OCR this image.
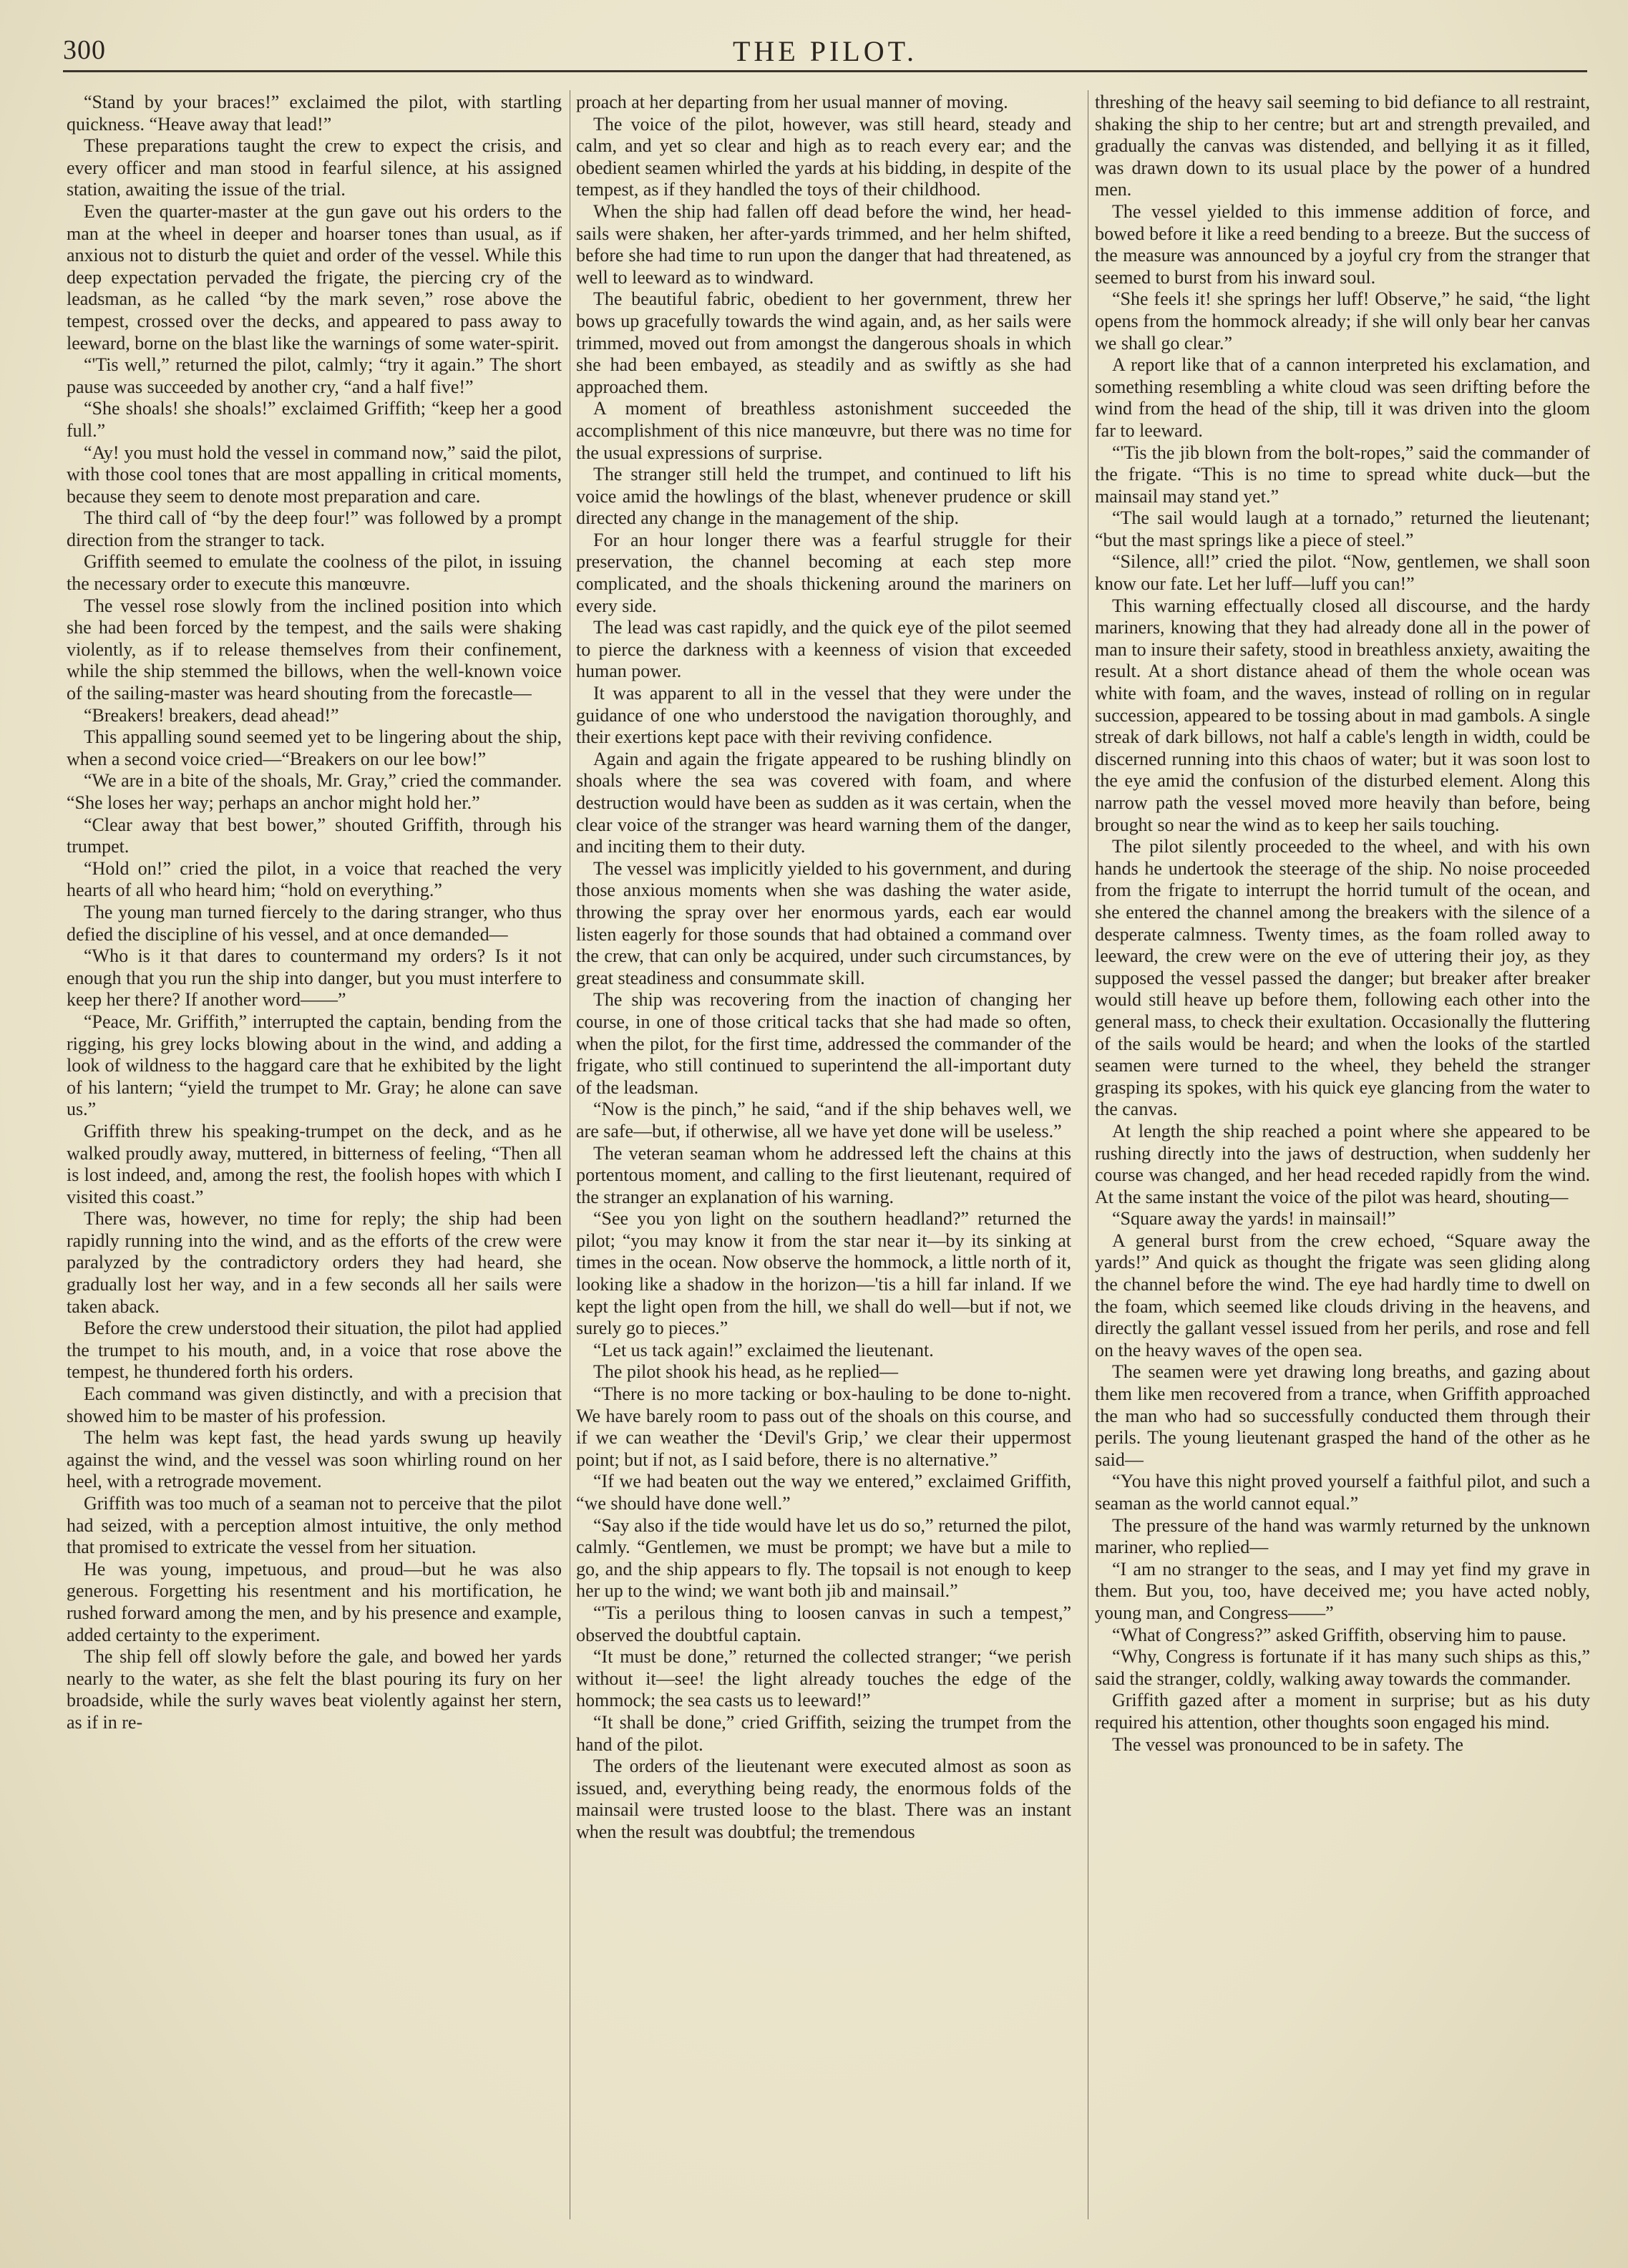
300	THE PILOT.

“Stand by your braces!” exclaimed the pilot, with startling quickness. “Heave away that lead!”

These preparations taught the crew to expect the crisis, and every officer and man stood in fearful silence, at his assigned station, awaiting the issue of the trial.

Even the quarter-master at the gun gave out his orders to the man at the wheel in deeper and hoarser tones than usual, as if anxious not to disturb the quiet and order of the vessel. While this deep expectation pervaded the frigate, the piercing cry of the leadsman, as he called “by the mark seven,” rose above the tempest, crossed over the decks, and appeared to pass away to leeward, borne on the blast like the warnings of some water-spirit.

“'Tis well,” returned the pilot, calmly; “try it again.” The short pause was succeeded by another cry, “and a half five!”

“She shoals! she shoals!” exclaimed Griffith; “keep her a good full.”

“Ay! you must hold the vessel in command now,” said the pilot, with those cool tones that are most appalling in critical moments, because they seem to denote most preparation and care.

The third call of “by the deep four!” was followed by a prompt direction from the stranger to tack.

Griffith seemed to emulate the coolness of the pilot, in issuing the necessary order to execute this manœuvre.

The vessel rose slowly from the inclined position into which she had been forced by the tempest, and the sails were shaking violently, as if to release themselves from their confinement, while the ship stemmed the billows, when the well-known voice of the sailing-master was heard shouting from the forecastle—

“Breakers! breakers, dead ahead!”

This appalling sound seemed yet to be lingering about the ship, when a second voice cried—“Breakers on our lee bow!”

“We are in a bite of the shoals, Mr. Gray,” cried the commander. “She loses her way; perhaps an anchor might hold her.”

“Clear away that best bower,” shouted Griffith, through his trumpet.

“Hold on!” cried the pilot, in a voice that reached the very hearts of all who heard him; “hold on everything.”

The young man turned fiercely to the daring stranger, who thus defied the discipline of his vessel, and at once demanded—

“Who is it that dares to countermand my orders? Is it not enough that you run the ship into danger, but you must interfere to keep her there? If another word——”

“Peace, Mr. Griffith,” interrupted the captain, bending from the rigging, his grey locks blowing about in the wind, and adding a look of wildness to the haggard care that he exhibited by the light of his lantern; “yield the trumpet to Mr. Gray; he alone can save us.”

Griffith threw his speaking-trumpet on the deck, and as he walked proudly away, muttered, in bitterness of feeling, “Then all is lost indeed, and, among the rest, the foolish hopes with which I visited this coast.”

There was, however, no time for reply; the ship had been rapidly running into the wind, and as the efforts of the crew were paralyzed by the contradictory orders they had heard, she gradually lost her way, and in a few seconds all her sails were taken aback.

Before the crew understood their situation, the pilot had applied the trumpet to his mouth, and, in a voice that rose above the tempest, he thundered forth his orders.

Each command was given distinctly, and with a precision that showed him to be master of his profession.

The helm was kept fast, the head yards swung up heavily against the wind, and the vessel was soon whirling round on her heel, with a retrograde movement.

Griffith was too much of a seaman not to perceive that the pilot had seized, with a perception almost intuitive, the only method that promised to extricate the vessel from her situation.

He was young, impetuous, and proud—but he was also generous. Forgetting his resentment and his mortification, he rushed forward among the men, and by his presence and example, added certainty to the experiment.

The ship fell off slowly before the gale, and bowed her yards nearly to the water, as she felt the blast pouring its fury on her broadside, while the surly waves beat violently against her stern, as if in re-

proach at her departing from her usual manner of moving.

The voice of the pilot, however, was still heard, steady and calm, and yet so clear and high as to reach every ear; and the obedient seamen whirled the yards at his bidding, in despite of the tempest, as if they handled the toys of their childhood.

When the ship had fallen off dead before the wind, her head-sails were shaken, her after-yards trimmed, and her helm shifted, before she had time to run upon the danger that had threatened, as well to leeward as to windward.

The beautiful fabric, obedient to her government, threw her bows up gracefully towards the wind again, and, as her sails were trimmed, moved out from amongst the dangerous shoals in which she had been embayed, as steadily and as swiftly as she had approached them.

A moment of breathless astonishment succeeded the accomplishment of this nice manœuvre, but there was no time for the usual expressions of surprise.

The stranger still held the trumpet, and continued to lift his voice amid the howlings of the blast, whenever prudence or skill directed any change in the management of the ship.

For an hour longer there was a fearful struggle for their preservation, the channel becoming at each step more complicated, and the shoals thickening around the mariners on every side.

The lead was cast rapidly, and the quick eye of the pilot seemed to pierce the darkness with a keenness of vision that exceeded human power.

It was apparent to all in the vessel that they were under the guidance of one who understood the navigation thoroughly, and their exertions kept pace with their reviving confidence.

Again and again the frigate appeared to be rushing blindly on shoals where the sea was covered with foam, and where destruction would have been as sudden as it was certain, when the clear voice of the stranger was heard warning them of the danger, and inciting them to their duty.

The vessel was implicitly yielded to his government, and during those anxious moments when she was dashing the water aside, throwing the spray over her enormous yards, each ear would listen eagerly for those sounds that had obtained a command over the crew, that can only be acquired, under such circumstances, by great steadiness and consummate skill.

The ship was recovering from the inaction of changing her course, in one of those critical tacks that she had made so often, when the pilot, for the first time, addressed the commander of the frigate, who still continued to superintend the all-important duty of the leadsman.

“Now is the pinch,” he said, “and if the ship behaves well, we are safe—but, if otherwise, all we have yet done will be useless.”

The veteran seaman whom he addressed left the chains at this portentous moment, and calling to the first lieutenant, required of the stranger an explanation of his warning.

“See you yon light on the southern headland?” returned the pilot; “you may know it from the star near it—by its sinking at times in the ocean. Now observe the hommock, a little north of it, looking like a shadow in the horizon—'tis a hill far inland. If we kept the light open from the hill, we shall do well—but if not, we surely go to pieces.”

“Let us tack again!” exclaimed the lieutenant.

The pilot shook his head, as he replied—

“There is no more tacking or box-hauling to be done to-night. We have barely room to pass out of the shoals on this course, and if we can weather the ‘Devil's Grip,’ we clear their uppermost point; but if not, as I said before, there is no alternative.”

“If we had beaten out the way we entered,” exclaimed Griffith, “we should have done well.”

“Say also if the tide would have let us do so,” returned the pilot, calmly. “Gentlemen, we must be prompt; we have but a mile to go, and the ship appears to fly. The topsail is not enough to keep her up to the wind; we want both jib and mainsail.”

“'Tis a perilous thing to loosen canvas in such a tempest,” observed the doubtful captain.

“It must be done,” returned the collected stranger; “we perish without it—see! the light already touches the edge of the hommock; the sea casts us to leeward!”

“It shall be done,” cried Griffith, seizing the trumpet from the hand of the pilot.

The orders of the lieutenant were executed almost as soon as issued, and, everything being ready, the enormous folds of the mainsail were trusted loose to the blast. There was an instant when the result was doubtful; the tremendous

threshing of the heavy sail seeming to bid defiance to all restraint, shaking the ship to her centre; but art and strength prevailed, and gradually the canvas was distended, and bellying it as it filled, was drawn down to its usual place by the power of a hundred men.

The vessel yielded to this immense addition of force, and bowed before it like a reed bending to a breeze. But the success of the measure was announced by a joyful cry from the stranger that seemed to burst from his inward soul.

“She feels it! she springs her luff! Observe,” he said, “the light opens from the hommock already; if she will only bear her canvas we shall go clear.”

A report like that of a cannon interpreted his exclamation, and something resembling a white cloud was seen drifting before the wind from the head of the ship, till it was driven into the gloom far to leeward.

“'Tis the jib blown from the bolt-ropes,” said the commander of the frigate. “This is no time to spread white duck—but the mainsail may stand yet.”

“The sail would laugh at a tornado,” returned the lieutenant; “but the mast springs like a piece of steel.”

“Silence, all!” cried the pilot. “Now, gentlemen, we shall soon know our fate. Let her luff—luff you can!”

This warning effectually closed all discourse, and the hardy mariners, knowing that they had already done all in the power of man to insure their safety, stood in breathless anxiety, awaiting the result. At a short distance ahead of them the whole ocean was white with foam, and the waves, instead of rolling on in regular succession, appeared to be tossing about in mad gambols. A single streak of dark billows, not half a cable's length in width, could be discerned running into this chaos of water; but it was soon lost to the eye amid the confusion of the disturbed element. Along this narrow path the vessel moved more heavily than before, being brought so near the wind as to keep her sails touching.

The pilot silently proceeded to the wheel, and with his own hands he undertook the steerage of the ship. No noise proceeded from the frigate to interrupt the horrid tumult of the ocean, and she entered the channel among the breakers with the silence of a desperate calmness. Twenty times, as the foam rolled away to leeward, the crew were on the eve of uttering their joy, as they supposed the vessel passed the danger; but breaker after breaker would still heave up before them, following each other into the general mass, to check their exultation. Occasionally the fluttering of the sails would be heard; and when the looks of the startled seamen were turned to the wheel, they beheld the stranger grasping its spokes, with his quick eye glancing from the water to the canvas.

At length the ship reached a point where she appeared to be rushing directly into the jaws of destruction, when suddenly her course was changed, and her head receded rapidly from the wind. At the same instant the voice of the pilot was heard, shouting—

“Square away the yards! in mainsail!”

A general burst from the crew echoed, “Square away the yards!” And quick as thought the frigate was seen gliding along the channel before the wind. The eye had hardly time to dwell on the foam, which seemed like clouds driving in the heavens, and directly the gallant vessel issued from her perils, and rose and fell on the heavy waves of the open sea.

The seamen were yet drawing long breaths, and gazing about them like men recovered from a trance, when Griffith approached the man who had so successfully conducted them through their perils. The young lieutenant grasped the hand of the other as he said—

“You have this night proved yourself a faithful pilot, and such a seaman as the world cannot equal.”

The pressure of the hand was warmly returned by the unknown mariner, who replied—

“I am no stranger to the seas, and I may yet find my grave in them. But you, too, have deceived me; you have acted nobly, young man, and Congress——”

“What of Congress?” asked Griffith, observing him to pause.

“Why, Congress is fortunate if it has many such ships as this,” said the stranger, coldly, walking away towards the commander.

Griffith gazed after a moment in surprise; but as his duty required his attention, other thoughts soon engaged his mind.

The vessel was pronounced to be in safety. The
